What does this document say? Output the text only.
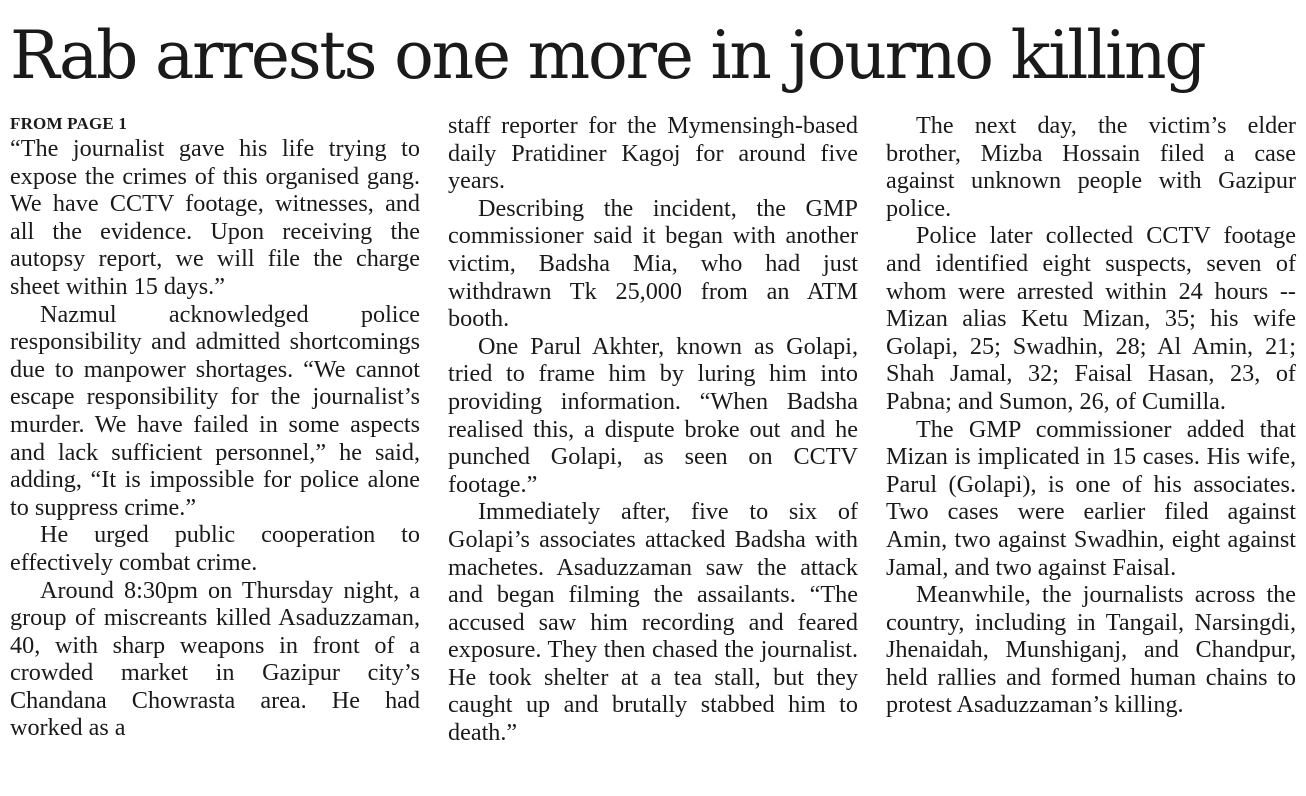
Rab arrests one more in journo killing
FROM PAGE 1

“The journalist gave his life trying to expose the crimes of this organised gang. We have CCTV footage, witnesses, and all the evidence. Upon receiving the autopsy report, we will file the charge sheet within 15 days.”

Nazmul acknowledged police responsibility and admitted shortcomings due to manpower shortages. “We cannot escape responsibility for the journalist’s murder. We have failed in some aspects and lack sufficient personnel,” he said, adding, “It is impossible for police alone to suppress crime.”

He urged public cooperation to effectively combat crime.

Around 8:30pm on Thursday night, a group of miscreants killed Asaduzzaman, 40, with sharp weapons in front of a crowded market in Gazipur city’s Chandana Chowrasta area. He had worked as a

staff reporter for the Mymensingh-based daily Pratidiner Kagoj for around five years.

Describing the incident, the GMP commissioner said it began with another victim, Badsha Mia, who had just withdrawn Tk 25,000 from an ATM booth.

One Parul Akhter, known as Golapi, tried to frame him by luring him into providing information. “When Badsha realised this, a dispute broke out and he punched Golapi, as seen on CCTV footage.”

Immediately after, five to six of Golapi’s associates attacked Badsha with machetes. Asaduzzaman saw the attack and began filming the assailants. “The accused saw him recording and feared exposure. They then chased the journalist. He took shelter at a tea stall, but they caught up and brutally stabbed him to death.”

The next day, the victim’s elder brother, Mizba Hossain filed a case against unknown people with Gazipur police.

Police later collected CCTV footage and identified eight suspects, seven of whom were arrested within 24 hours -- Mizan alias Ketu Mizan, 35; his wife Golapi, 25; Swadhin, 28; Al Amin, 21; Shah Jamal, 32; Faisal Hasan, 23, of Pabna; and Sumon, 26, of Cumilla.

The GMP commissioner added that Mizan is implicated in 15 cases. His wife, Parul (Golapi), is one of his associates. Two cases were earlier filed against Amin, two against Swadhin, eight against Jamal, and two against Faisal.

Meanwhile, the journalists across the country, including in Tangail, Narsingdi, Jhenaidah, Munshiganj, and Chandpur, held rallies and formed human chains to protest Asaduzzaman’s killing.
